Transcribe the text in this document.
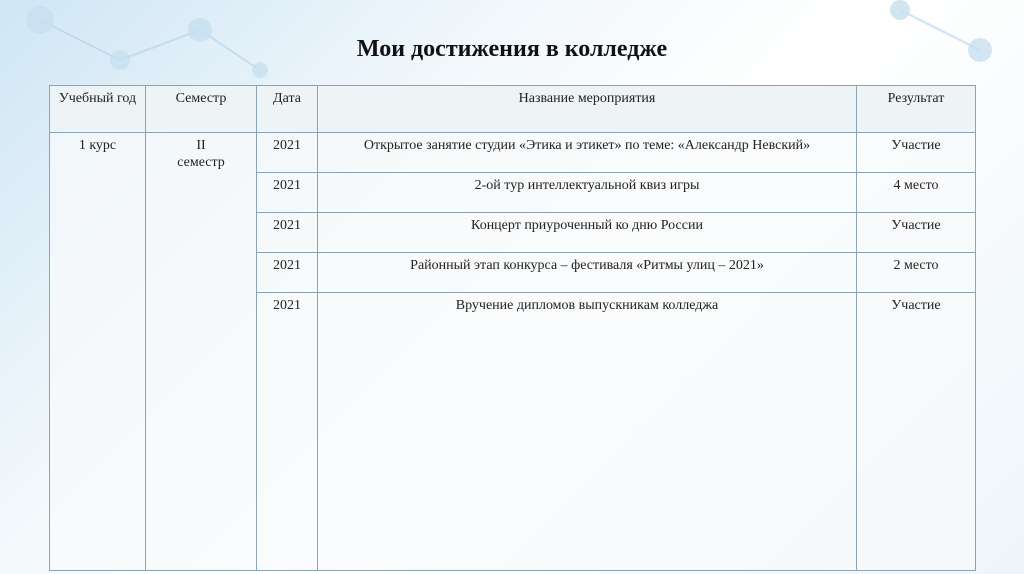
Мои достижения в колледже
Учебный год	Семестр	Дата	Название мероприятия	Результат
1 курс	II семестр	2021	Открытое занятие студии «Этика и этикет» по теме: «Александр Невский»	Участие
		2021	2-ой тур интеллектуальной квиз игры	4 место
		2021	Концерт приуроченный ко дню России	Участие
		2021	Районный этап конкурса – фестиваля «Ритмы улиц – 2021»	2 место
		2021	Вручение дипломов выпускникам колледжа	Участие
